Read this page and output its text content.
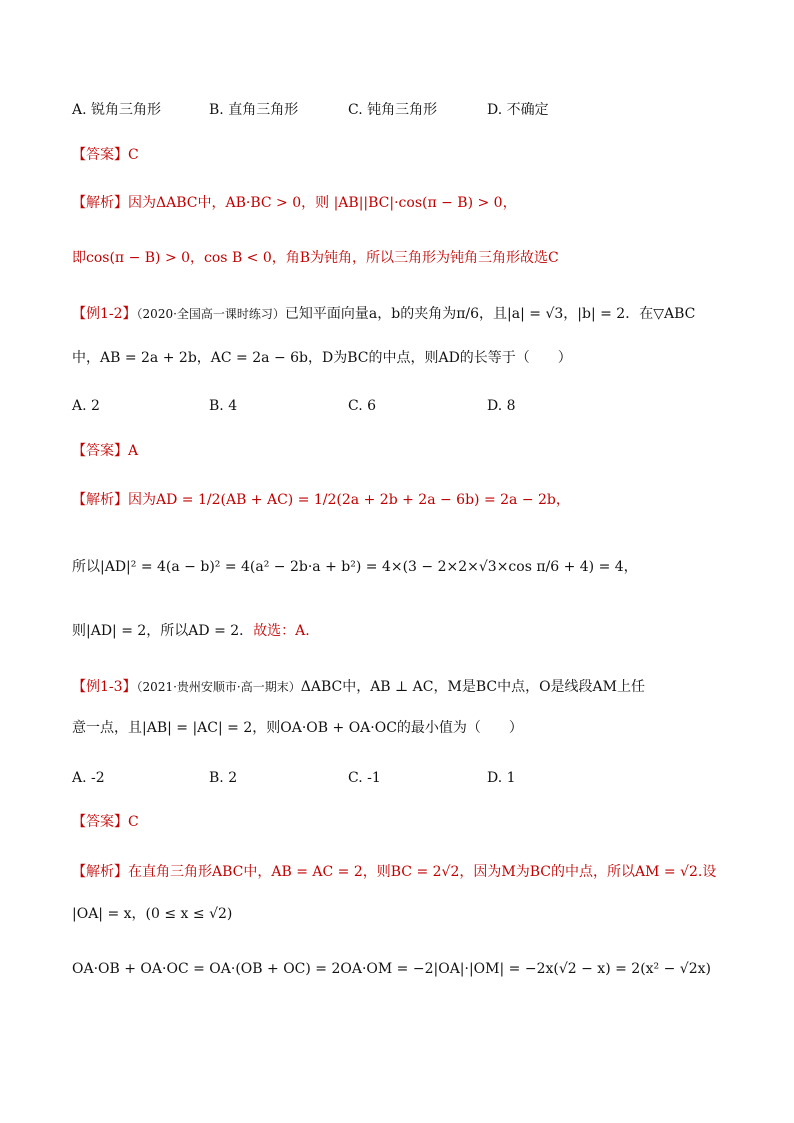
A. 锐角三角形	B. 直角三角形	C. 钝角三角形	D. 不确定
【答案】C
【解析】因为ΔABC中，AB·BC > 0，则 |AB||BC|·cos(π − B) > 0，
即cos(π − B) > 0，cos B < 0，角B为钝角，所以三角形为钝角三角形故选C
【例1-2】（2020·全国高一课时练习）已知平面向量a，b的夹角为π/6，且|a| = √3，|b| = 2．在▽ABC
中，AB = 2a + 2b，AC = 2a − 6b，D为BC的中点，则AD的长等于（　　）
A. 2	B. 4	C. 6	D. 8
【答案】A
【解析】因为AD = 1/2(AB + AC) = 1/2(2a + 2b + 2a − 6b) = 2a − 2b，
所以|AD|² = 4(a − b)² = 4(a² − 2b·a + b²) = 4×(3 − 2×2×√3×cos π/6 + 4) = 4，
则|AD| = 2，所以AD = 2．故选：A.
【例1-3】（2021·贵州安顺市·高一期末）ΔABC中，AB ⊥ AC，M是BC中点，O是线段AM上任
意一点，且|AB| = |AC| = 2，则OA·OB + OA·OC的最小值为（　　）
A. -2	B. 2	C. -1	D. 1
【答案】C
【解析】在直角三角形ABC中，AB = AC = 2，则BC = 2√2，因为M为BC的中点，所以AM = √2.设
|OA| = x，(0 ≤ x ≤ √2)
OA·OB + OA·OC = OA·(OB + OC) = 2OA·OM = −2|OA|·|OM| = −2x(√2 − x) = 2(x² − √2x)
